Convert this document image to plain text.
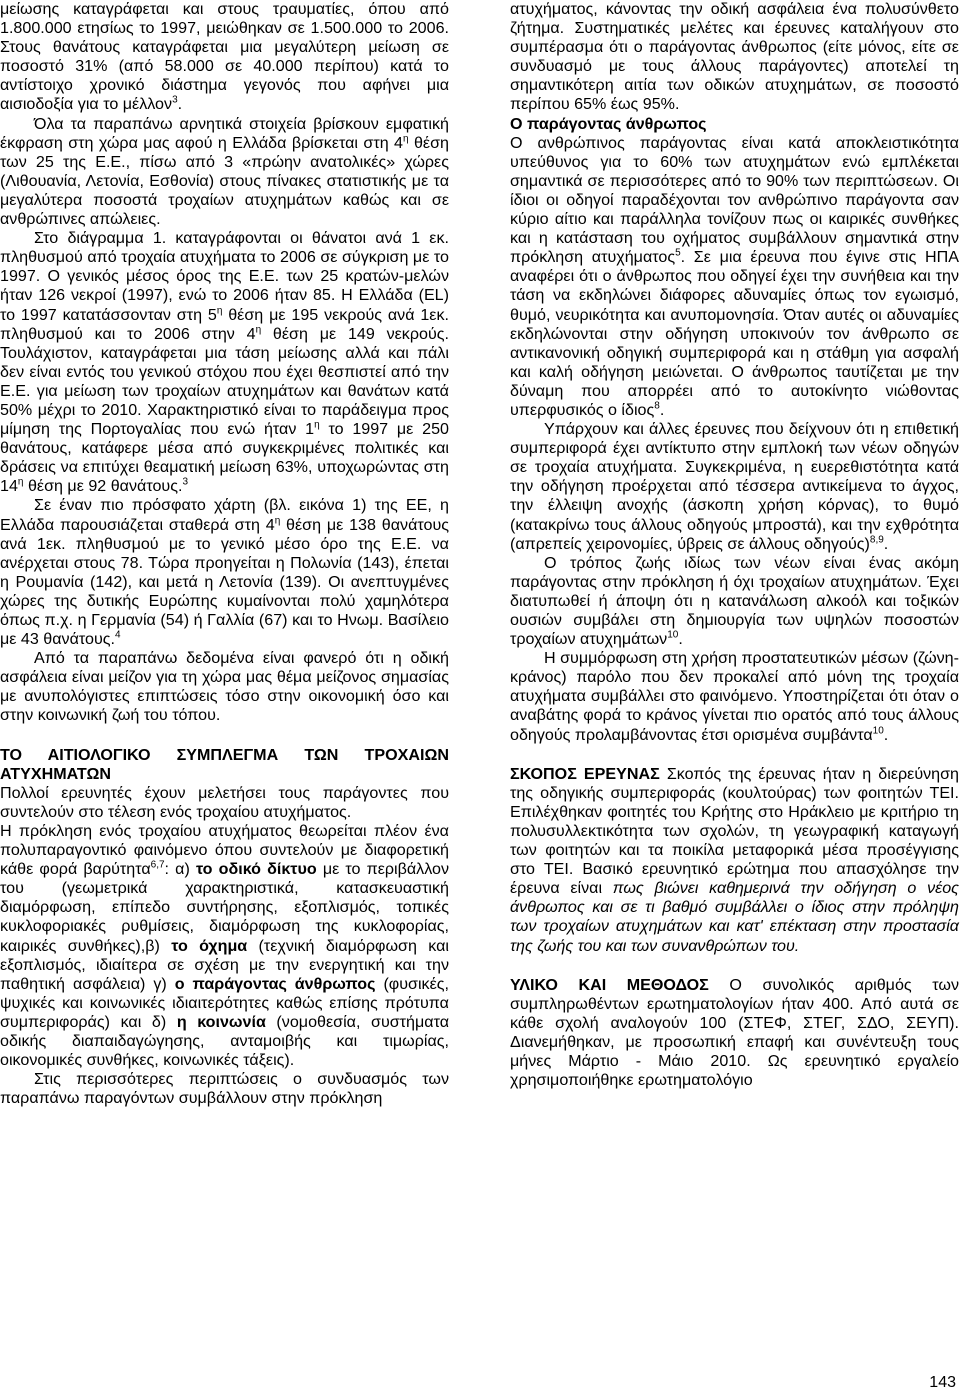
μείωσης καταγράφεται και στους τραυματίες, όπου από 1.800.000 ετησίως το 1997, μειώθηκαν σε 1.500.000 το 2006. Στους θανάτους καταγράφεται μια μεγαλύτερη μείωση σε ποσοστό 31% (από 58.000 σε 40.000 περίπου) κατά το αντίστοιχο χρονικό διάστημα γεγονός που αφήνει μια αισιοδοξία για το μέλλον$^3$.

Όλα τα παραπάνω αρνητικά στοιχεία βρίσκουν εμφατική έκφραση στη χώρα μας αφού η Ελλάδα βρίσκεται στη $4^\eta$ θέση των 25 της Ε.Ε., πίσω από 3 «πρώην ανατολικές» χώρες (Λιθουανία, Λετονία, Εσθονία) στους πίνακες στατιστικής με τα μεγαλύτερα ποσοστά τροχαίων ατυχημάτων καθώς και σε ανθρώπινες απώλειες.

Στο διάγραμμα 1. καταγράφονται οι θάνατοι ανά 1 εκ. πληθυσμού από τροχαία ατυχήματα το 2006 σε σύγκριση με το 1997. Ο γενικός μέσος όρος της Ε.Ε. των 25 κρατών-μελών ήταν 126 νεκροί (1997), ενώ το 2006 ήταν 85. Η Ελλάδα (EL) το 1997 κατατάσσονταν στη $5^\eta$ θέση με 195 νεκρούς ανά 1εκ. πληθυσμού και το 2006 στην $4^\eta$ θέση με 149 νεκρούς. Τουλάχιστον, καταγράφεται μια τάση μείωσης αλλά και πάλι δεν είναι εντός του γενικού στόχου που έχει θεσπιστεί από την Ε.Ε. για μείωση των τροχαίων ατυχημάτων και θανάτων κατά 50% μέχρι το 2010. Χαρακτηριστικό είναι το παράδειγμα προς μίμηση της Πορτογαλίας που ενώ ήταν $1^\eta$ το 1997 με 250 θανάτους, κατάφερε μέσα από συγκεκριμένες πολιτικές και δράσεις να επιτύχει θεαματική μείωση 63%, υποχωρώντας στη $14^\eta$ θέση με 92 θανάτους.$^3$

Σε έναν πιο πρόσφατο χάρτη (βλ. εικόνα 1) της ΕΕ, η Ελλάδα παρουσιάζεται σταθερά στη $4^\eta$ θέση με 138 θανάτους ανά 1εκ. πληθυσμού με το γενικό μέσο όρο της Ε.Ε. να ανέρχεται στους 78. Τώρα προηγείται η Πολωνία (143), έπεται η Ρουμανία (142), και μετά η Λετονία (139). Οι ανεπτυγμένες χώρες της δυτικής Ευρώπης κυμαίνονται πολύ χαμηλότερα όπως π.χ. η Γερμανία (54) ή Γαλλία (67) και το Ηνωμ. Βασίλειο με 43 θανάτους.$^4$

Από τα παραπάνω δεδομένα είναι φανερό ότι η οδική ασφάλεια είναι μείζον για τη χώρα μας θέμα μείζονος σημασίας με ανυπολόγιστες επιπτώσεις τόσο στην οικονομική όσο και στην κοινωνική ζωή του τόπου.

ΤΟ ΑΙΤΙΟΛΟΓΙΚΟ ΣΥΜΠΛΕΓΜΑ ΤΩΝ ΤΡΟΧΑΙΩΝ ΑΤΥΧΗΜΑΤΩΝ

Πολλοί ερευνητές έχουν μελετήσει τους παράγοντες που συντελούν στο τέλεση ενός τροχαίου ατυχήματος.

Η πρόκληση ενός τροχαίου ατυχήματος θεωρείται πλέον ένα πολυπαραγοντικό φαινόμενο όπου συντελούν με διαφορετική κάθε φορά βαρύτητα$^{6,7}$: α) το οδικό δίκτυο με το περιβάλλον του (γεωμετρικά χαρακτηριστικά, κατασκευαστική διαμόρφωση, επίπεδο συντήρησης, εξοπλισμός, τοπικές κυκλοφοριακές ρυθμίσεις, διαμόρφωση της κυκλοφορίας, καιρικές συνθήκες),β) το όχημα (τεχνική διαμόρφωση και εξοπλισμός, ιδιαίτερα σε σχέση με την ενεργητική και την παθητική ασφάλεια) γ) ο παράγοντας άνθρωπος (φυσικές, ψυχικές και κοινωνικές ιδιαιτερότητες καθώς επίσης πρότυπα συμπεριφοράς) και δ) η κοινωνία (νομοθεσία, συστήματα οδικής διαπαιδαγώγησης, ανταμοιβής και τιμωρίας, οικονομικές συνθήκες, κοινωνικές τάξεις).

Στις περισσότερες περιπτώσεις ο συνδυασμός των παραπάνω παραγόντων συμβάλλουν στην πρόκληση

ατυχήματος, κάνοντας την οδική ασφάλεια ένα πολυσύνθετο ζήτημα. Συστηματικές μελέτες και έρευνες καταλήγουν στο συμπέρασμα ότι ο παράγοντας άνθρωπος (είτε μόνος, είτε σε συνδυασμό με τους άλλους παράγοντες) αποτελεί τη σημαντικότερη αιτία των οδικών ατυχημάτων, σε ποσοστό περίπου 65% έως 95%.

Ο παράγοντας άνθρωπος

Ο ανθρώπινος παράγοντας είναι κατά αποκλειστικότητα υπεύθυνος για το 60% των ατυχημάτων ενώ εμπλέκεται σημαντικά σε περισσότερες από το 90% των περιπτώσεων. Οι ίδιοι οι οδηγοί παραδέχονται τον ανθρώπινο παράγοντα σαν κύριο αίτιο και παράλληλα τονίζουν πως οι καιρικές συνθήκες και η κατάσταση του οχήματος συμβάλλουν σημαντικά στην πρόκληση ατυχήματος$^5$. Σε μια έρευνα που έγινε στις ΗΠΑ αναφέρει ότι ο άνθρωπος που οδηγεί έχει την συνήθεια και την τάση να εκδηλώνει διάφορες αδυναμίες όπως τον εγωισμό, θυμό, νευρικότητα και ανυπομονησία. Όταν αυτές οι αδυναμίες εκδηλώνονται στην οδήγηση υποκινούν τον άνθρωπο σε αντικανονική οδηγική συμπεριφορά και η στάθμη για ασφαλή και καλή οδήγηση μειώνεται. Ο άνθρωπος ταυτίζεται με την δύναμη που απορρέει από το αυτοκίνητο νιώθοντας υπερφυσικός ο ίδιος$^8$.

Υπάρχουν και άλλες έρευνες που δείχνουν ότι η επιθετική συμπεριφορά έχει αντίκτυπο στην εμπλοκή των νέων οδηγών σε τροχαία ατυχήματα. Συγκεκριμένα, η ευερεθιστότητα κατά την οδήγηση προέρχεται από τέσσερα αντικείμενα το άγχος, την έλλειψη ανοχής (άσκοπη χρήση κόρνας), το θυμό (κατακρίνω τους άλλους οδηγούς μπροστά), και την εχθρότητα (απρεπείς χειρονομίες, ύβρεις σε άλλους οδηγούς)$^{8,9}$.

Ο τρόπος ζωής ιδίως των νέων είναι ένας ακόμη παράγοντας στην πρόκληση ή όχι τροχαίων ατυχημάτων. Έχει διατυπωθεί ή άποψη ότι η κατανάλωση αλκοόλ και τοξικών ουσιών συμβάλει στη δημιουργία των υψηλών ποσοστών τροχαίων ατυχημάτων$^{10}$.

Η συμμόρφωση στη χρήση προστατευτικών μέσων (ζώνη-κράνος) παρόλο που δεν προκαλεί από μόνη της τροχαία ατυχήματα συμβάλλει στο φαινόμενο. Υποστηρίζεται ότι όταν ο αναβάτης φορά το κράνος γίνεται πιο ορατός από τους άλλους οδηγούς προλαμβάνοντας έτσι ορισμένα συμβάντα$^{10}$.

ΣΚΟΠΟΣ ΕΡΕΥΝΑΣ Σκοπός της έρευνας ήταν η διερεύνηση της οδηγικής συμπεριφοράς (κουλτούρας) των φοιτητών ΤΕΙ. Επιλέχθηκαν φοιτητές του Κρήτης στο Ηράκλειο με κριτήριο τη πολυσυλλεκτικότητα των σχολών, τη γεωγραφική καταγωγή των φοιτητών και τα ποικίλα μεταφορικά μέσα προσέγγισης στο ΤΕΙ. Βασικό ερευνητικό ερώτημα που απασχόλησε την έρευνα είναι πως βιώνει καθημερινά την οδήγηση ο νέος άνθρωπος και σε τι βαθμό συμβάλλει ο ίδιος στην πρόληψη των τροχαίων ατυχημάτων και κατ' επέκταση στην προστασία της ζωής του και των συνανθρώπων του.

ΥΛΙΚΟ ΚΑΙ ΜΕΘΟΔΟΣ Ο συνολικός αριθμός των συμπληρωθέντων ερωτηματολογίων ήταν 400. Από αυτά σε κάθε σχολή αναλογούν 100 (ΣΤΕΦ, ΣΤΕΓ, ΣΔΟ, ΣΕΥΠ). Διανεμήθηκαν, με προσωπική επαφή και συνέντευξη τους μήνες Μάρτιο - Μάιο 2010. Ως ερευνητικό εργαλείο χρησιμοποιήθηκε ερωτηματολόγιο

143
